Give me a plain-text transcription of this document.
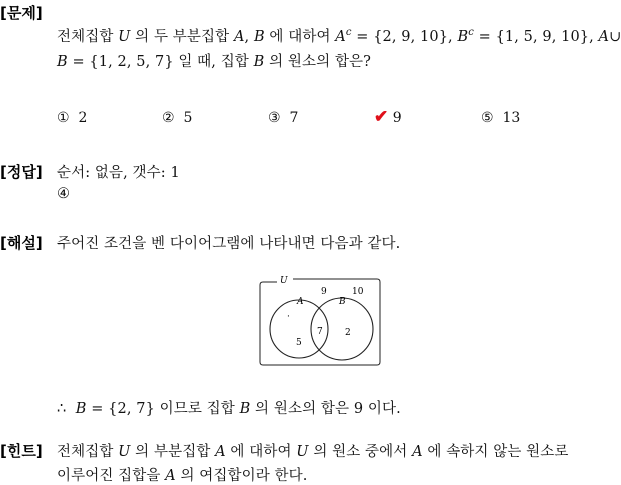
[문제]
전체집합 U 의 두 부분집합 A, B 에 대하여 $A^c = \{2$, 9, 10}, $B^c = \{1$, 5, 9, 10}, A∪
B = {1, 2, 5, 7} 일 때, 집합 B 의 원소의 합은?
① 2	② 5	③ 7	✔ 9	⑤ 13
[정답] 순서: 없음, 갯수: 1
④
[해설] 주어진 조건을 벤 다이어그램에 나타내면 다음과 같다.
U
A	B
9	10
·
5
7 2
∴ B = {2, 7} 이므로 집합 B 의 원소의 합은 9 이다.
[힌트] 전체집합 U 의 부분집합 A 에 대하여 U 의 원소 중에서 A 에 속하지 않는 원소로
이루어진 집합을 A 의 여집합이라 한다.
